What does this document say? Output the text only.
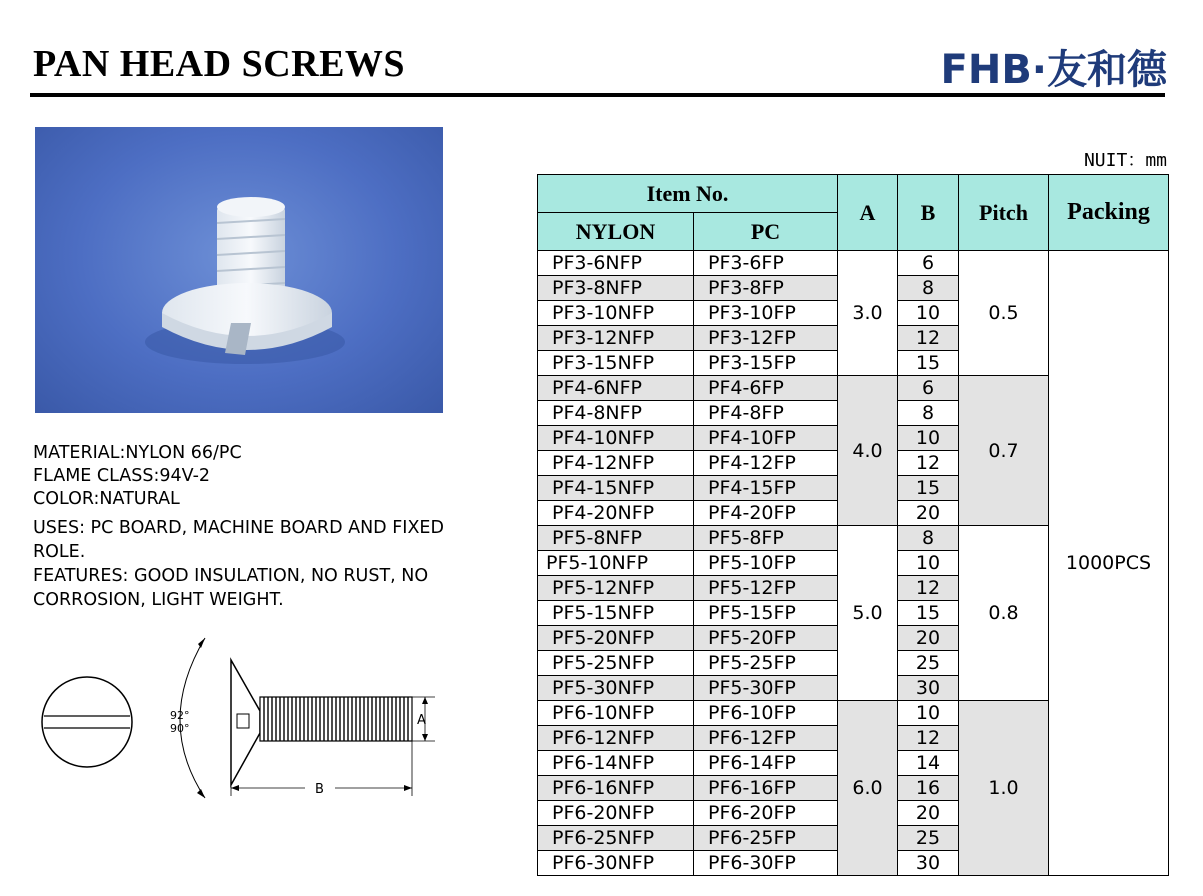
PAN HEAD SCREWS	FHB·友和德
MATERIAL:NYLON 66/PC
FLAME CLASS:94V-2
COLOR:NATURAL
USES: PC BOARD, MACHINE BOARD AND FIXED ROLE.
FEATURES: GOOD INSULATION, NO RUST, NO CORROSION, LIGHT WEIGHT.
92°
90°
A
B
NUIT：mm
Item No.		A	B	Pitch	Packing
NYLON	PC				
PF3-6NFP	PF3-6FP	3.0	6	0.5	1000PCS
PF3-8NFP	PF3-8FP		8		
PF3-10NFP	PF3-10FP		10		
PF3-12NFP	PF3-12FP		12		
PF3-15NFP	PF3-15FP		15		
PF4-6NFP	PF4-6FP	4.0	6	0.7	
PF4-8NFP	PF4-8FP		8		
PF4-10NFP	PF4-10FP		10		
PF4-12NFP	PF4-12FP		12		
PF4-15NFP	PF4-15FP		15		
PF4-20NFP	PF4-20FP		20		
PF5-8NFP	PF5-8FP	5.0	8	0.8	
PF5-10NFP	PF5-10FP		10		
PF5-12NFP	PF5-12FP		12		
PF5-15NFP	PF5-15FP		15		
PF5-20NFP	PF5-20FP		20		
PF5-25NFP	PF5-25FP		25		
PF5-30NFP	PF5-30FP		30		
PF6-10NFP	PF6-10FP	6.0	10	1.0	
PF6-12NFP	PF6-12FP		12		
PF6-14NFP	PF6-14FP		14		
PF6-16NFP	PF6-16FP		16		
PF6-20NFP	PF6-20FP		20		
PF6-25NFP	PF6-25FP		25		
PF6-30NFP	PF6-30FP		30		
